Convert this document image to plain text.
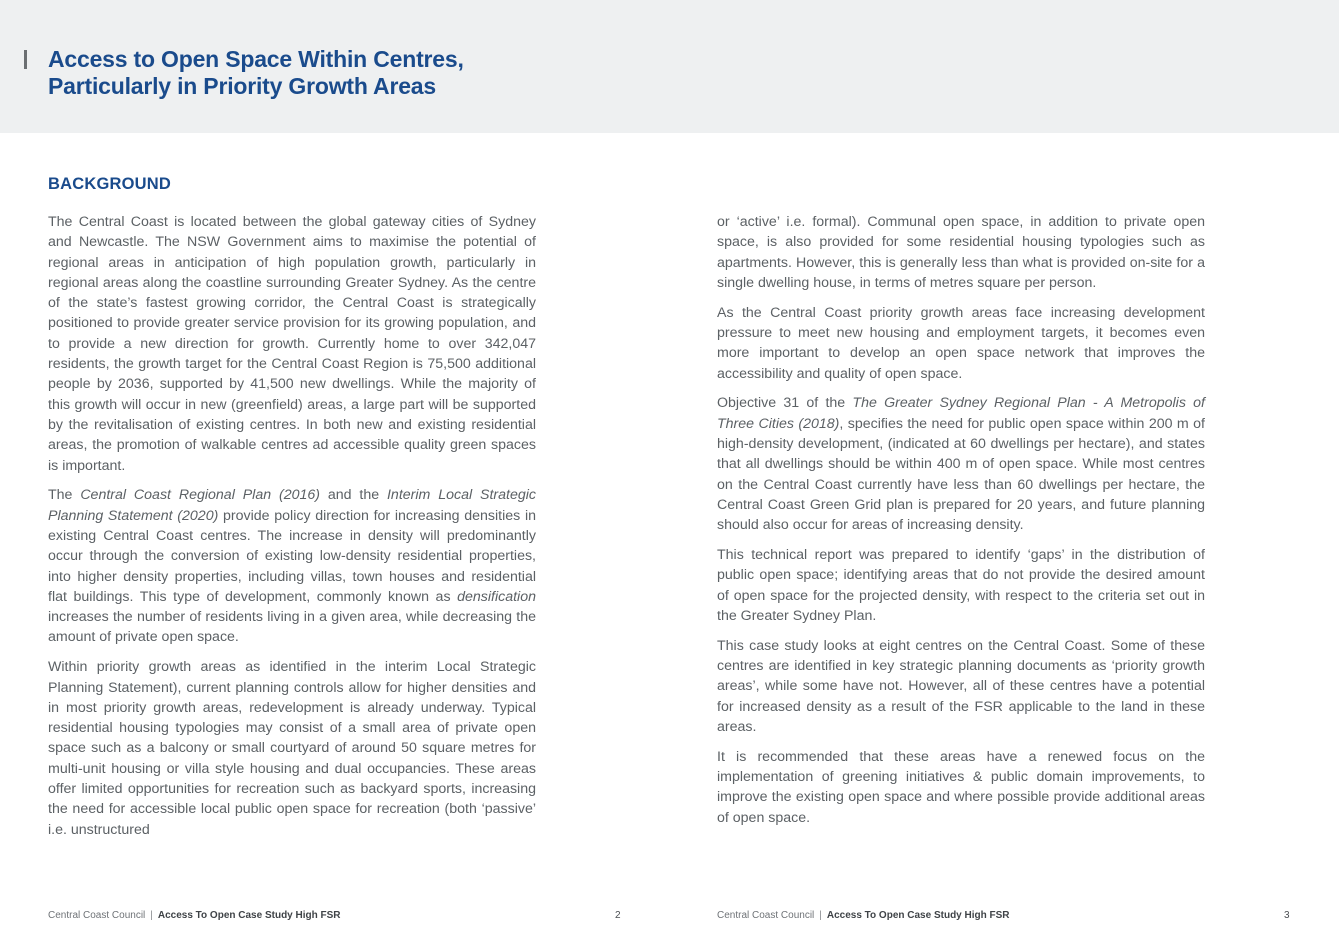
Access to Open Space Within Centres,
Particularly in Priority Growth Areas
BACKGROUND

The Central Coast is located between the global gateway cities of Sydney and Newcastle. The NSW Government aims to maximise the potential of regional areas in anticipation of high population growth, particularly in regional areas along the coastline surrounding Greater Sydney. As the centre of the state’s fastest growing corridor, the Central Coast is strategically positioned to provide greater service provision for its growing population, and to provide a new direction for growth. Currently home to over 342,047 residents, the growth target for the Central Coast Region is 75,500 additional people by 2036, supported by 41,500 new dwellings. While the majority of this growth will occur in new (greenfield) areas, a large part will be supported by the revitalisation of existing centres. In both new and existing residential areas, the promotion of walkable centres ad accessible quality green spaces is important.

The Central Coast Regional Plan (2016) and the Interim Local Strategic Planning Statement (2020) provide policy direction for increasing densities in existing Central Coast centres. The increase in density will predominantly occur through the conversion of existing low-density residential properties, into higher density properties, including villas, town houses and residential flat buildings. This type of development, commonly known as densification increases the number of residents living in a given area, while decreasing the amount of private open space.

Within priority growth areas as identified in the interim Local Strategic Planning Statement), current planning controls allow for higher densities and in most priority growth areas, redevelopment is already underway. Typical residential housing typologies may consist of a small area of private open space such as a balcony or small courtyard of around 50 square metres for multi-unit housing or villa style housing and dual occupancies. These areas offer limited opportunities for recreation such as backyard sports, increasing the need for accessible local public open space for recreation (both ‘passive’ i.e. unstructured

or ‘active’ i.e. formal). Communal open space, in addition to private open space, is also provided for some residential housing typologies such as apartments. However, this is generally less than what is provided on-site for a single dwelling house, in terms of metres square per person.

As the Central Coast priority growth areas face increasing development pressure to meet new housing and employment targets, it becomes even more important to develop an open space network that improves the accessibility and quality of open space.

Objective 31 of the The Greater Sydney Regional Plan - A Metropolis of Three Cities (2018), specifies the need for public open space within 200 m of high-density development, (indicated at 60 dwellings per hectare), and states that all dwellings should be within 400 m of open space. While most centres on the Central Coast currently have less than 60 dwellings per hectare, the Central Coast Green Grid plan is prepared for 20 years, and future planning should also occur for areas of increasing density.

This technical report was prepared to identify ‘gaps’ in the distribution of public open space; identifying areas that do not provide the desired amount of open space for the projected density, with respect to the criteria set out in the Greater Sydney Plan.

This case study looks at eight centres on the Central Coast. Some of these centres are identified in key strategic planning documents as ‘priority growth areas’, while some have not. However, all of these centres have a potential for increased density as a result of the FSR applicable to the land in these areas.

It is recommended that these areas have a renewed focus on the implementation of greening initiatives & public domain improvements, to improve the existing open space and where possible provide additional areas of open space.

Central Coast Council | Access To Open Case Study High FSR	2	Central Coast Council | Access To Open Case Study High FSR	3
